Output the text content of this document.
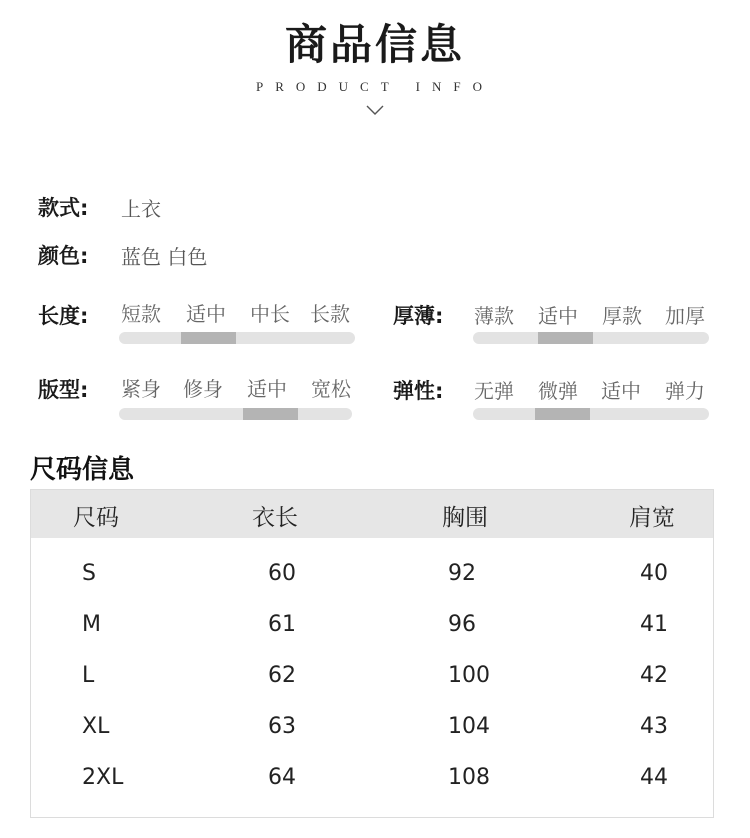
商品信息
PRODUCT INFO
款式: 上衣
颜色: 蓝色 白色
长度: 短款 适中 中长 长款 厚薄: 薄款 适中 厚款 加厚
版型: 紧身 修身 适中 宽松 弹性: 无弹 微弹 适中 弹力
尺码信息
尺码	衣长	胸围	肩宽
S	60	92	40
M	61	96	41
L	62	100	42
XL	63	104	43
2XL	64	108	44
